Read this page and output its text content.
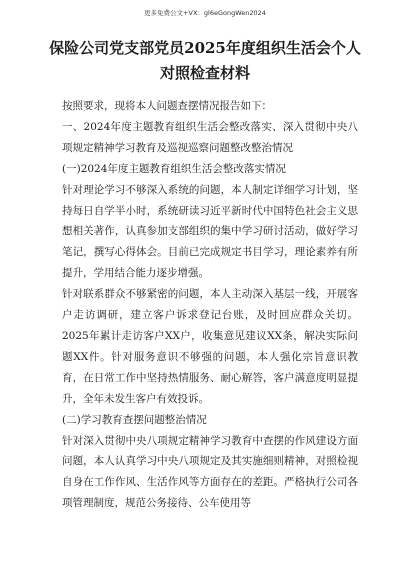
更多免费公文+VX：gl6eGongWen2024
保险公司党支部党员2025年度组织生活会个人
对照检查材料

按照要求，现将本人问题查摆情况报告如下：

一、2024年度主题教育组织生活会整改落实、深入贯彻中央八项规定精神学习教育及巡视巡察问题整改整治情况

(一)2024年度主题教育组织生活会整改落实情况

针对理论学习不够深入系统的问题，本人制定详细学习计划，坚持每日自学半小时，系统研读习近平新时代中国特色社会主义思想相关著作，认真参加支部组织的集中学习研讨活动，做好学习笔记，撰写心得体会。目前已完成规定书目学习，理论素养有所提升，学用结合能力逐步增强。

针对联系群众不够紧密的问题，本人主动深入基层一线，开展客户走访调研，建立客户诉求登记台账，及时回应群众关切。2025年累计走访客户XX户，收集意见建议XX条，解决实际问题XX件。针对服务意识不够强的问题，本人强化宗旨意识教育，在日常工作中坚持热情服务、耐心解答，客户满意度明显提升，全年未发生客户有效投诉。

(二)学习教育查摆问题整治情况

针对深入贯彻中央八项规定精神学习教育中查摆的作风建设方面问题，本人认真学习中央八项规定及其实施细则精神，对照检视自身在工作作风、生活作风等方面存在的差距。严格执行公司各项管理制度，规范公务接待、公车使用等
